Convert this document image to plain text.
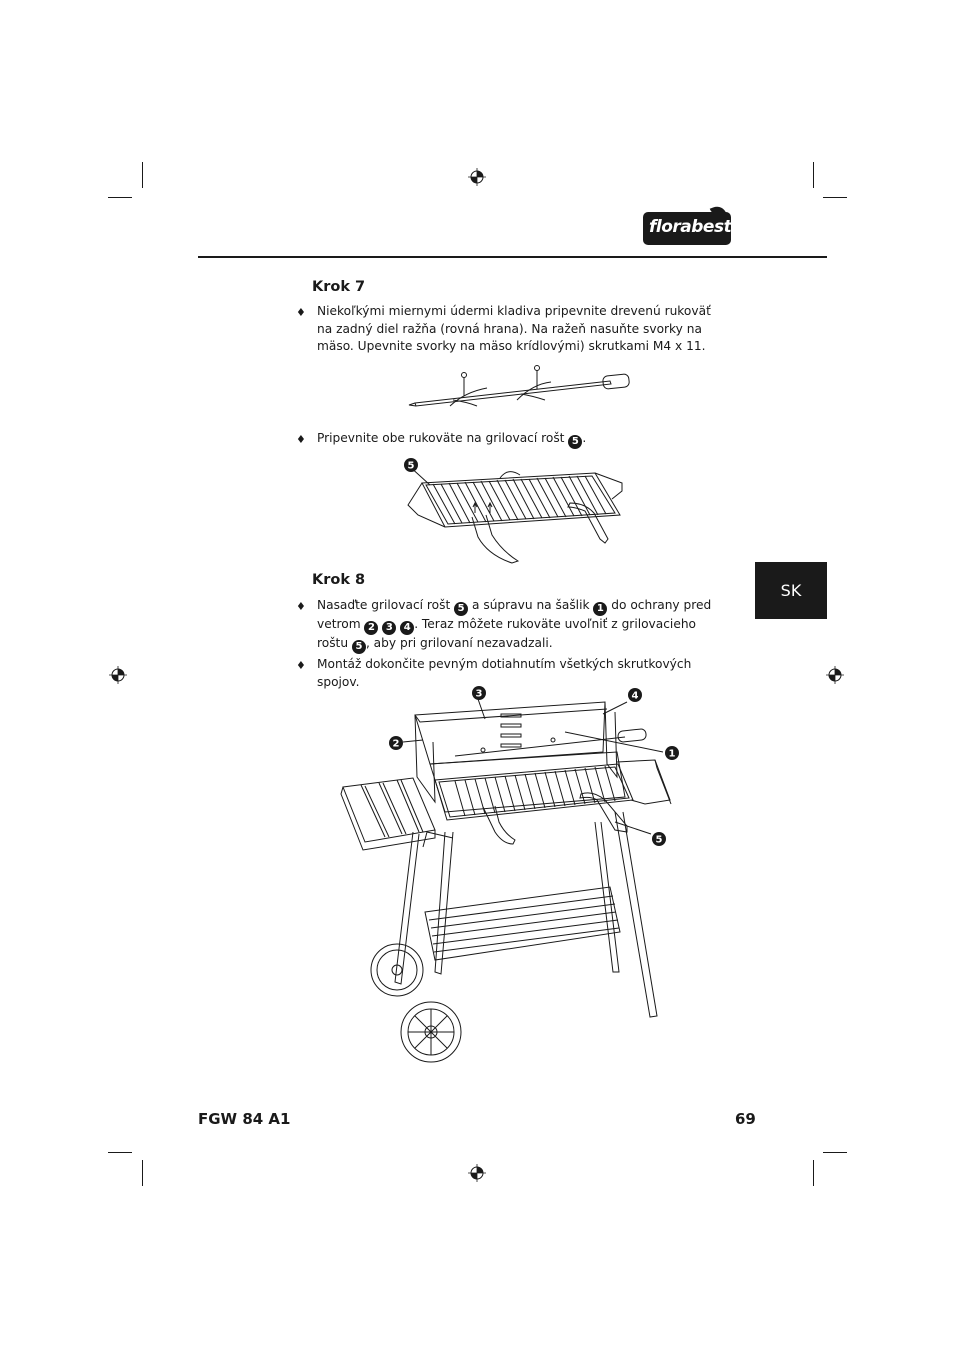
florabest
Krok 7
♦ Niekoľkými miernymi údermi kladiva pripevnite drevenú rukoväť na zadný diel ražňa (rovná hrana). Na ražeň nasuňte svorky na mäso. Upevnite svorky na mäso krídlovými) skrutkami M4 x 11.
♦ Pripevnite obe rukoväte na grilovací rošt 5 .
5
Krok 8
♦ Nasaďte grilovací rošt 5 a súpravu na šašlik 1 do ochrany pred vetrom 2 3 4 . Teraz môžete rukoväte uvoľniť z grilovacieho roštu 5 , aby pri grilovaní nezavadzali.
♦ Montáž dokončite pevným dotiahnutím všetkých skrutkových spojov.
3	4
2
1
5
SK
FGW 84 A1	69
